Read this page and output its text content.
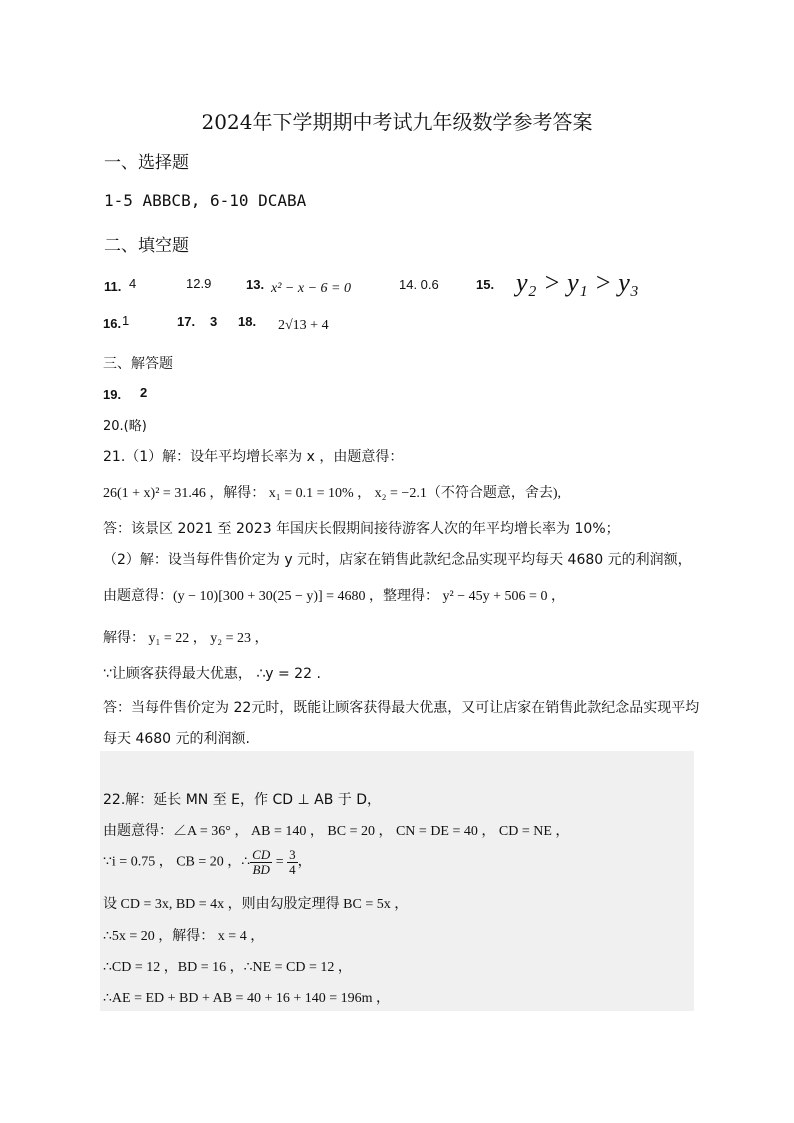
2024年下学期期中考试九年级数学参考答案
一、选择题
1-5 ABBCB, 6-10 DCABA
二、填空题
11. 4	12.9	13. x² − x − 6 = 0	14. 0.6	15. y₂ > y₁ > y₃
16. 1	17. 3 18. 2√13 + 4
三、解答题
19. 2
20.(略)
21.（1）解：设年平均增长率为 x ，由题意得：
26(1 + x)² = 31.46 ，解得： x₁ = 0.1 = 10% ， x₂ = −2.1（不符合题意，舍去),
答：该景区 2021 至 2023 年国庆长假期间接待游客人次的年平均增长率为 10%；
（2）解：设当每件售价定为 y 元时，店家在销售此款纪念品实现平均每天 4680 元的利润额，
由题意得：(y − 10)[300 + 30(25 − y)] = 4680 ，整理得： y² − 45y + 506 = 0 ，
解得： y₁ = 22 ， y₂ = 23 ，
∵让顾客获得最大优惠， ∴y = 22 .
答：当每件售价定为 22元时，既能让顾客获得最大优惠，又可让店家在销售此款纪念品实现平均
每天 4680 元的利润额.
22.解：延长 MN 至 E，作 CD ⊥ AB 于 D，
由题意得：∠A = 36° ， AB = 140 ， BC = 20 ， CN = DE = 40 ， CD = NE ，
∵i = 0.75 ， CB = 20 ，∴ $\frac{CD}{BD} = \frac{3}{4}$ ，
设 CD = 3x, BD = 4x ，则由勾股定理得 BC = 5x ，
∴5x = 20 ，解得： x = 4 ，
∴CD = 12 ，BD = 16 ，∴NE = CD = 12 ，
∴AE = ED + BD + AB = 40 + 16 + 140 = 196m ，
